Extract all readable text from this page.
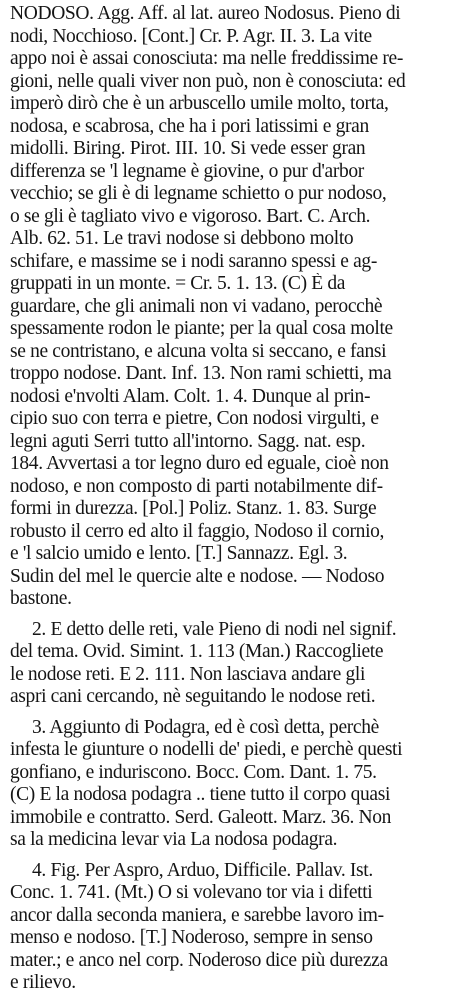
NODOSO. Agg. Aff. al lat. aureo Nodosus. Pieno di
nodi, Nocchioso. [Cont.] Cr. P. Agr. II. 3. La vite
appo noi è assai conosciuta: ma nelle freddissime re-
gioni, nelle quali viver non può, non è conosciuta: ed
imperò dirò che è un arbuscello umile molto, torta,
nodosa, e scabrosa, che ha i pori latissimi e gran
midolli. Biring. Pirot. III. 10. Si vede esser gran
differenza se 'l legname è giovine, o pur d'arbor
vecchio; se gli è di legname schietto o pur nodoso,
o se gli è tagliato vivo e vigoroso. Bart. C. Arch.
Alb. 62. 51. Le travi nodose si debbono molto
schifare, e massime se i nodi saranno spessi e ag-
gruppati in un monte. = Cr. 5. 1. 13. (C) È da
guardare, che gli animali non vi vadano, perocchè
spessamente rodon le piante; per la qual cosa molte
se ne contristano, e alcuna volta si seccano, e fansi
troppo nodose. Dant. Inf. 13. Non rami schietti, ma
nodosi e'nvolti Alam. Colt. 1. 4. Dunque al prin-
cipio suo con terra e pietre, Con nodosi virgulti, e
legni aguti Serri tutto all'intorno. Sagg. nat. esp.
184. Avvertasi a tor legno duro ed eguale, cioè non
nodoso, e non composto di parti notabilmente dif-
formi in durezza. [Pol.] Poliz. Stanz. 1. 83. Surge
robusto il cerro ed alto il faggio, Nodoso il cornio,
e 'l salcio umido e lento. [T.] Sannazz. Egl. 3.
Sudin del mel le quercie alte e nodose. — Nodoso
bastone.
2. E detto delle reti, vale Pieno di nodi nel signif.
del tema. Ovid. Simint. 1. 113 (Man.) Raccogliete
le nodose reti. E 2. 111. Non lasciava andare gli
aspri cani cercando, nè seguitando le nodose reti.
3. Aggiunto di Podagra, ed è così detta, perchè
infesta le giunture o nodelli de' piedi, e perchè questi
gonfiano, e induriscono. Bocc. Com. Dant. 1. 75.
(C) E la nodosa podagra .. tiene tutto il corpo quasi
immobile e contratto. Serd. Galeott. Marz. 36. Non
sa la medicina levar via La nodosa podagra.
4. Fig. Per Aspro, Arduo, Difficile. Pallav. Ist.
Conc. 1. 741. (Mt.) O si volevano tor via i difetti
ancor dalla seconda maniera, e sarebbe lavoro im-
menso e nodoso. [T.] Noderoso, sempre in senso
mater.; e anco nel corp. Noderoso dice più durezza
e rilievo.
